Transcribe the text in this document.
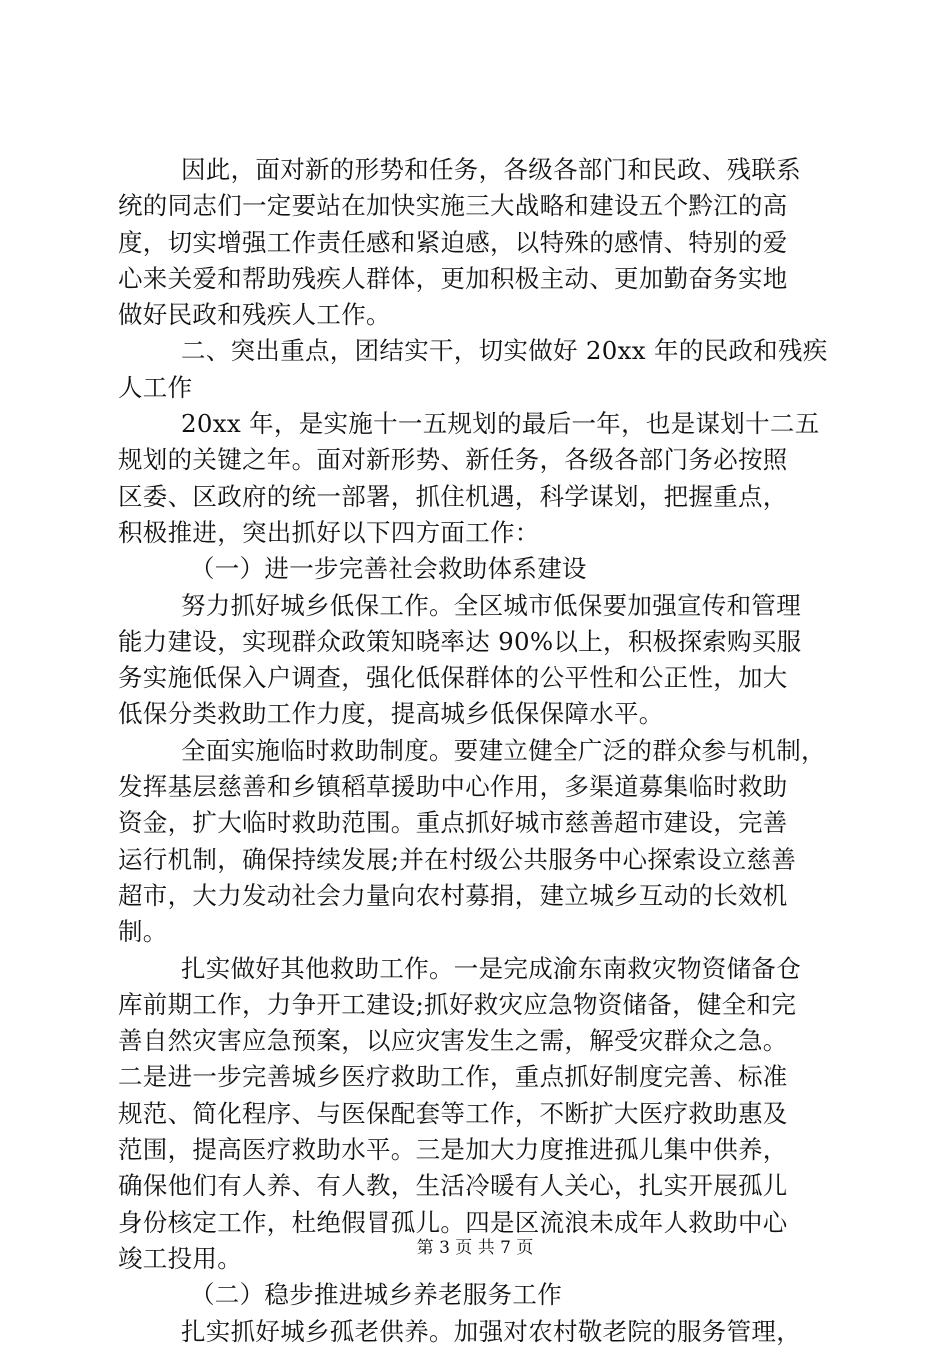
因此，面对新的形势和任务，各级各部门和民政、残联系
统的同志们一定要站在加快实施三大战略和建设五个黔江的高
度，切实增强工作责任感和紧迫感，以特殊的感情、特别的爱
心来关爱和帮助残疾人群体，更加积极主动、更加勤奋务实地
做好民政和残疾人工作。
二、突出重点，团结实干，切实做好 20xx 年的民政和残疾
人工作
20xx 年，是实施十一五规划的最后一年，也是谋划十二五
规划的关键之年。面对新形势、新任务，各级各部门务必按照
区委、区政府的统一部署，抓住机遇，科学谋划，把握重点，
积极推进，突出抓好以下四方面工作：
（一）进一步完善社会救助体系建设
努力抓好城乡低保工作。全区城市低保要加强宣传和管理
能力建设，实现群众政策知晓率达 90%以上，积极探索购买服
务实施低保入户调查，强化低保群体的公平性和公正性，加大
低保分类救助工作力度，提高城乡低保保障水平。
全面实施临时救助制度。要建立健全广泛的群众参与机制，
发挥基层慈善和乡镇稻草援助中心作用，多渠道募集临时救助
资金，扩大临时救助范围。重点抓好城市慈善超市建设，完善
运行机制，确保持续发展;并在村级公共服务中心探索设立慈善
超市，大力发动社会力量向农村募捐，建立城乡互动的长效机
制。
扎实做好其他救助工作。一是完成渝东南救灾物资储备仓
库前期工作，力争开工建设;抓好救灾应急物资储备，健全和完
善自然灾害应急预案，以应灾害发生之需，解受灾群众之急。
二是进一步完善城乡医疗救助工作，重点抓好制度完善、标准
规范、简化程序、与医保配套等工作，不断扩大医疗救助惠及
范围，提高医疗救助水平。三是加大力度推进孤儿集中供养，
确保他们有人养、有人教，生活冷暖有人关心，扎实开展孤儿
身份核定工作，杜绝假冒孤儿。四是区流浪未成年人救助中心
竣工投用。
（二）稳步推进城乡养老服务工作
扎实抓好城乡孤老供养。加强对农村敬老院的服务管理，
第 3 页 共 7 页
